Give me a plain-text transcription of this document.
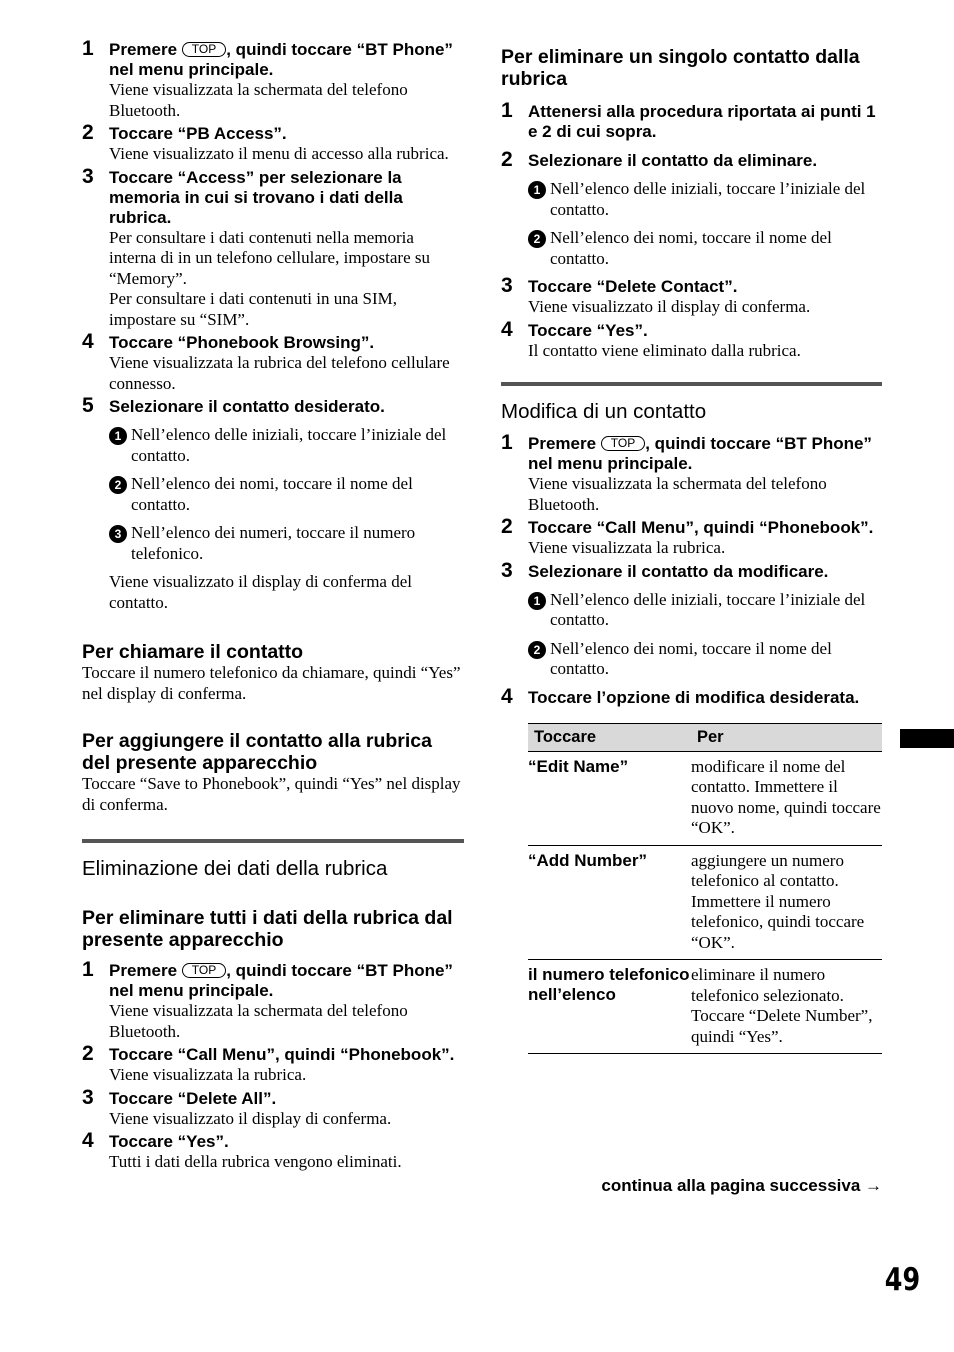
1 Premere TOP , quindi toccare “BT Phone” nel menu principale.

Viene visualizzata la schermata del telefono Bluetooth.

2 Toccare “PB Access”.

Viene visualizzato il menu di accesso alla rubrica.

3 Toccare “Access” per selezionare la memoria in cui si trovano i dati della rubrica.

Per consultare i dati contenuti nella memoria interna di in un telefono cellulare, impostare su “Memory”.

Per consultare i dati contenuti in una SIM, impostare su “SIM”.

4 Toccare “Phonebook Browsing”.

Viene visualizzata la rubrica del telefono cellulare connesso.

5 Selezionare il contatto desiderato.
1 Nell’elenco delle iniziali, toccare l’iniziale del contatto.
2 Nell’elenco dei nomi, toccare il nome del contatto.
3 Nell’elenco dei numeri, toccare il numero telefonico.

Viene visualizzato il display di conferma del contatto.

Per chiamare il contatto

Toccare il numero telefonico da chiamare, quindi “Yes” nel display di conferma.

Per aggiungere il contatto alla rubrica del presente apparecchio

Toccare “Save to Phonebook”, quindi “Yes” nel display di conferma.

Eliminazione dei dati della rubrica
Per eliminare tutti i dati della rubrica dal presente apparecchio
1 Premere TOP , quindi toccare “BT Phone” nel menu principale.

Viene visualizzata la schermata del telefono Bluetooth.

2 Toccare “Call Menu”, quindi “Phonebook”.

Viene visualizzata la rubrica.

3 Toccare “Delete All”.

Viene visualizzato il display di conferma.

4 Toccare “Yes”.

Tutti i dati della rubrica vengono eliminati.

Per eliminare un singolo contatto dalla rubrica
1 Attenersi alla procedura riportata ai punti 1 e 2 di cui sopra.
2 Selezionare il contatto da eliminare.
1 Nell’elenco delle iniziali, toccare l’iniziale del contatto.
2 Nell’elenco dei nomi, toccare il nome del contatto.
3 Toccare “Delete Contact”.

Viene visualizzato il display di conferma.

4 Toccare “Yes”.

Il contatto viene eliminato dalla rubrica.

Modifica di un contatto
1 Premere TOP , quindi toccare “BT Phone” nel menu principale.

Viene visualizzata la schermata del telefono Bluetooth.

2 Toccare “Call Menu”, quindi “Phonebook”.

Viene visualizzata la rubrica.

3 Selezionare il contatto da modificare.
1 Nell’elenco delle iniziali, toccare l’iniziale del contatto.
2 Nell’elenco dei nomi, toccare il nome del contatto.
4 Toccare l’opzione di modifica desiderata.
Toccare	Per
“Edit Name”	modificare il nome del contatto. Immettere il nuovo nome, quindi toccare “OK”.
“Add Number”	aggiungere un numero telefonico al contatto. Immettere il numero telefonico, quindi toccare “OK”.
il numero telefonico nell’elenco	eliminare il numero telefonico selezionato. Toccare “Delete Number”, quindi “Yes”.
continua alla pagina successiva →
49
